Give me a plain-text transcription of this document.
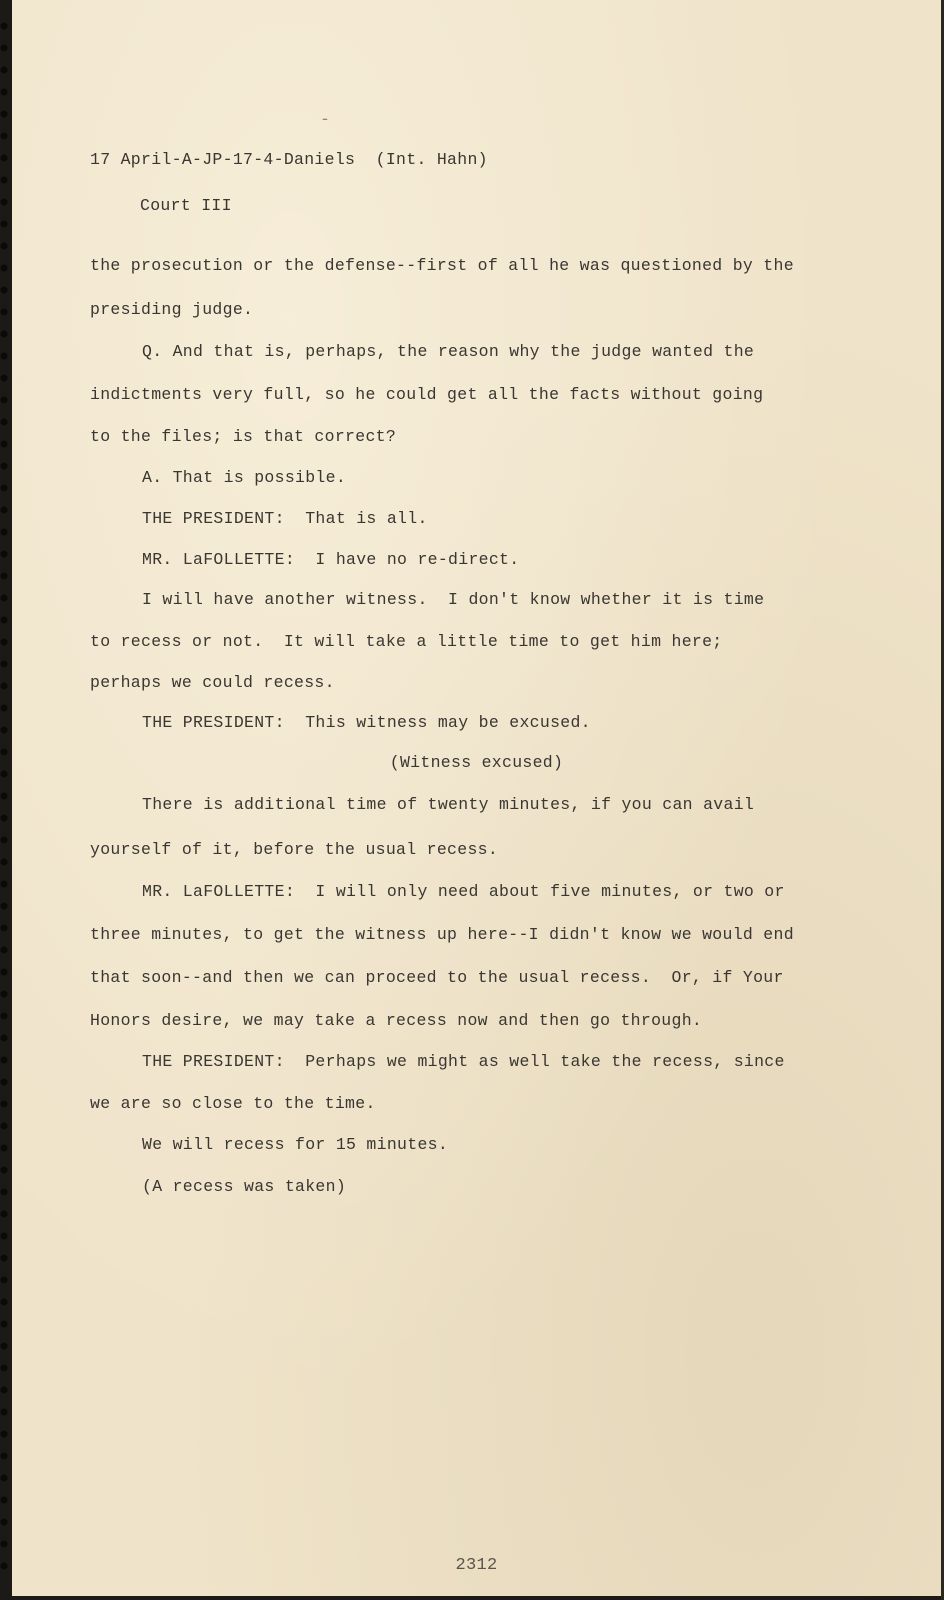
-
17 April-A-JP-17-4-Daniels  (Int. Hahn)
Court III
the prosecution or the defense--first of all he was questioned by the
presiding judge.
Q. And that is, perhaps, the reason why the judge wanted the
indictments very full, so he could get all the facts without going
to the files; is that correct?
A. That is possible.
THE PRESIDENT:  That is all.
MR. LaFOLLETTE:  I have no re-direct.
I will have another witness.  I don't know whether it is time
to recess or not.  It will take a little time to get him here;
perhaps we could recess.
THE PRESIDENT:  This witness may be excused.
(Witness excused)
There is additional time of twenty minutes, if you can avail
yourself of it, before the usual recess.
MR. LaFOLLETTE:  I will only need about five minutes, or two or
three minutes, to get the witness up here--I didn't know we would end
that soon--and then we can proceed to the usual recess.  Or, if Your
Honors desire, we may take a recess now and then go through.
THE PRESIDENT:  Perhaps we might as well take the recess, since
we are so close to the time.
We will recess for 15 minutes.
(A recess was taken)
2312
